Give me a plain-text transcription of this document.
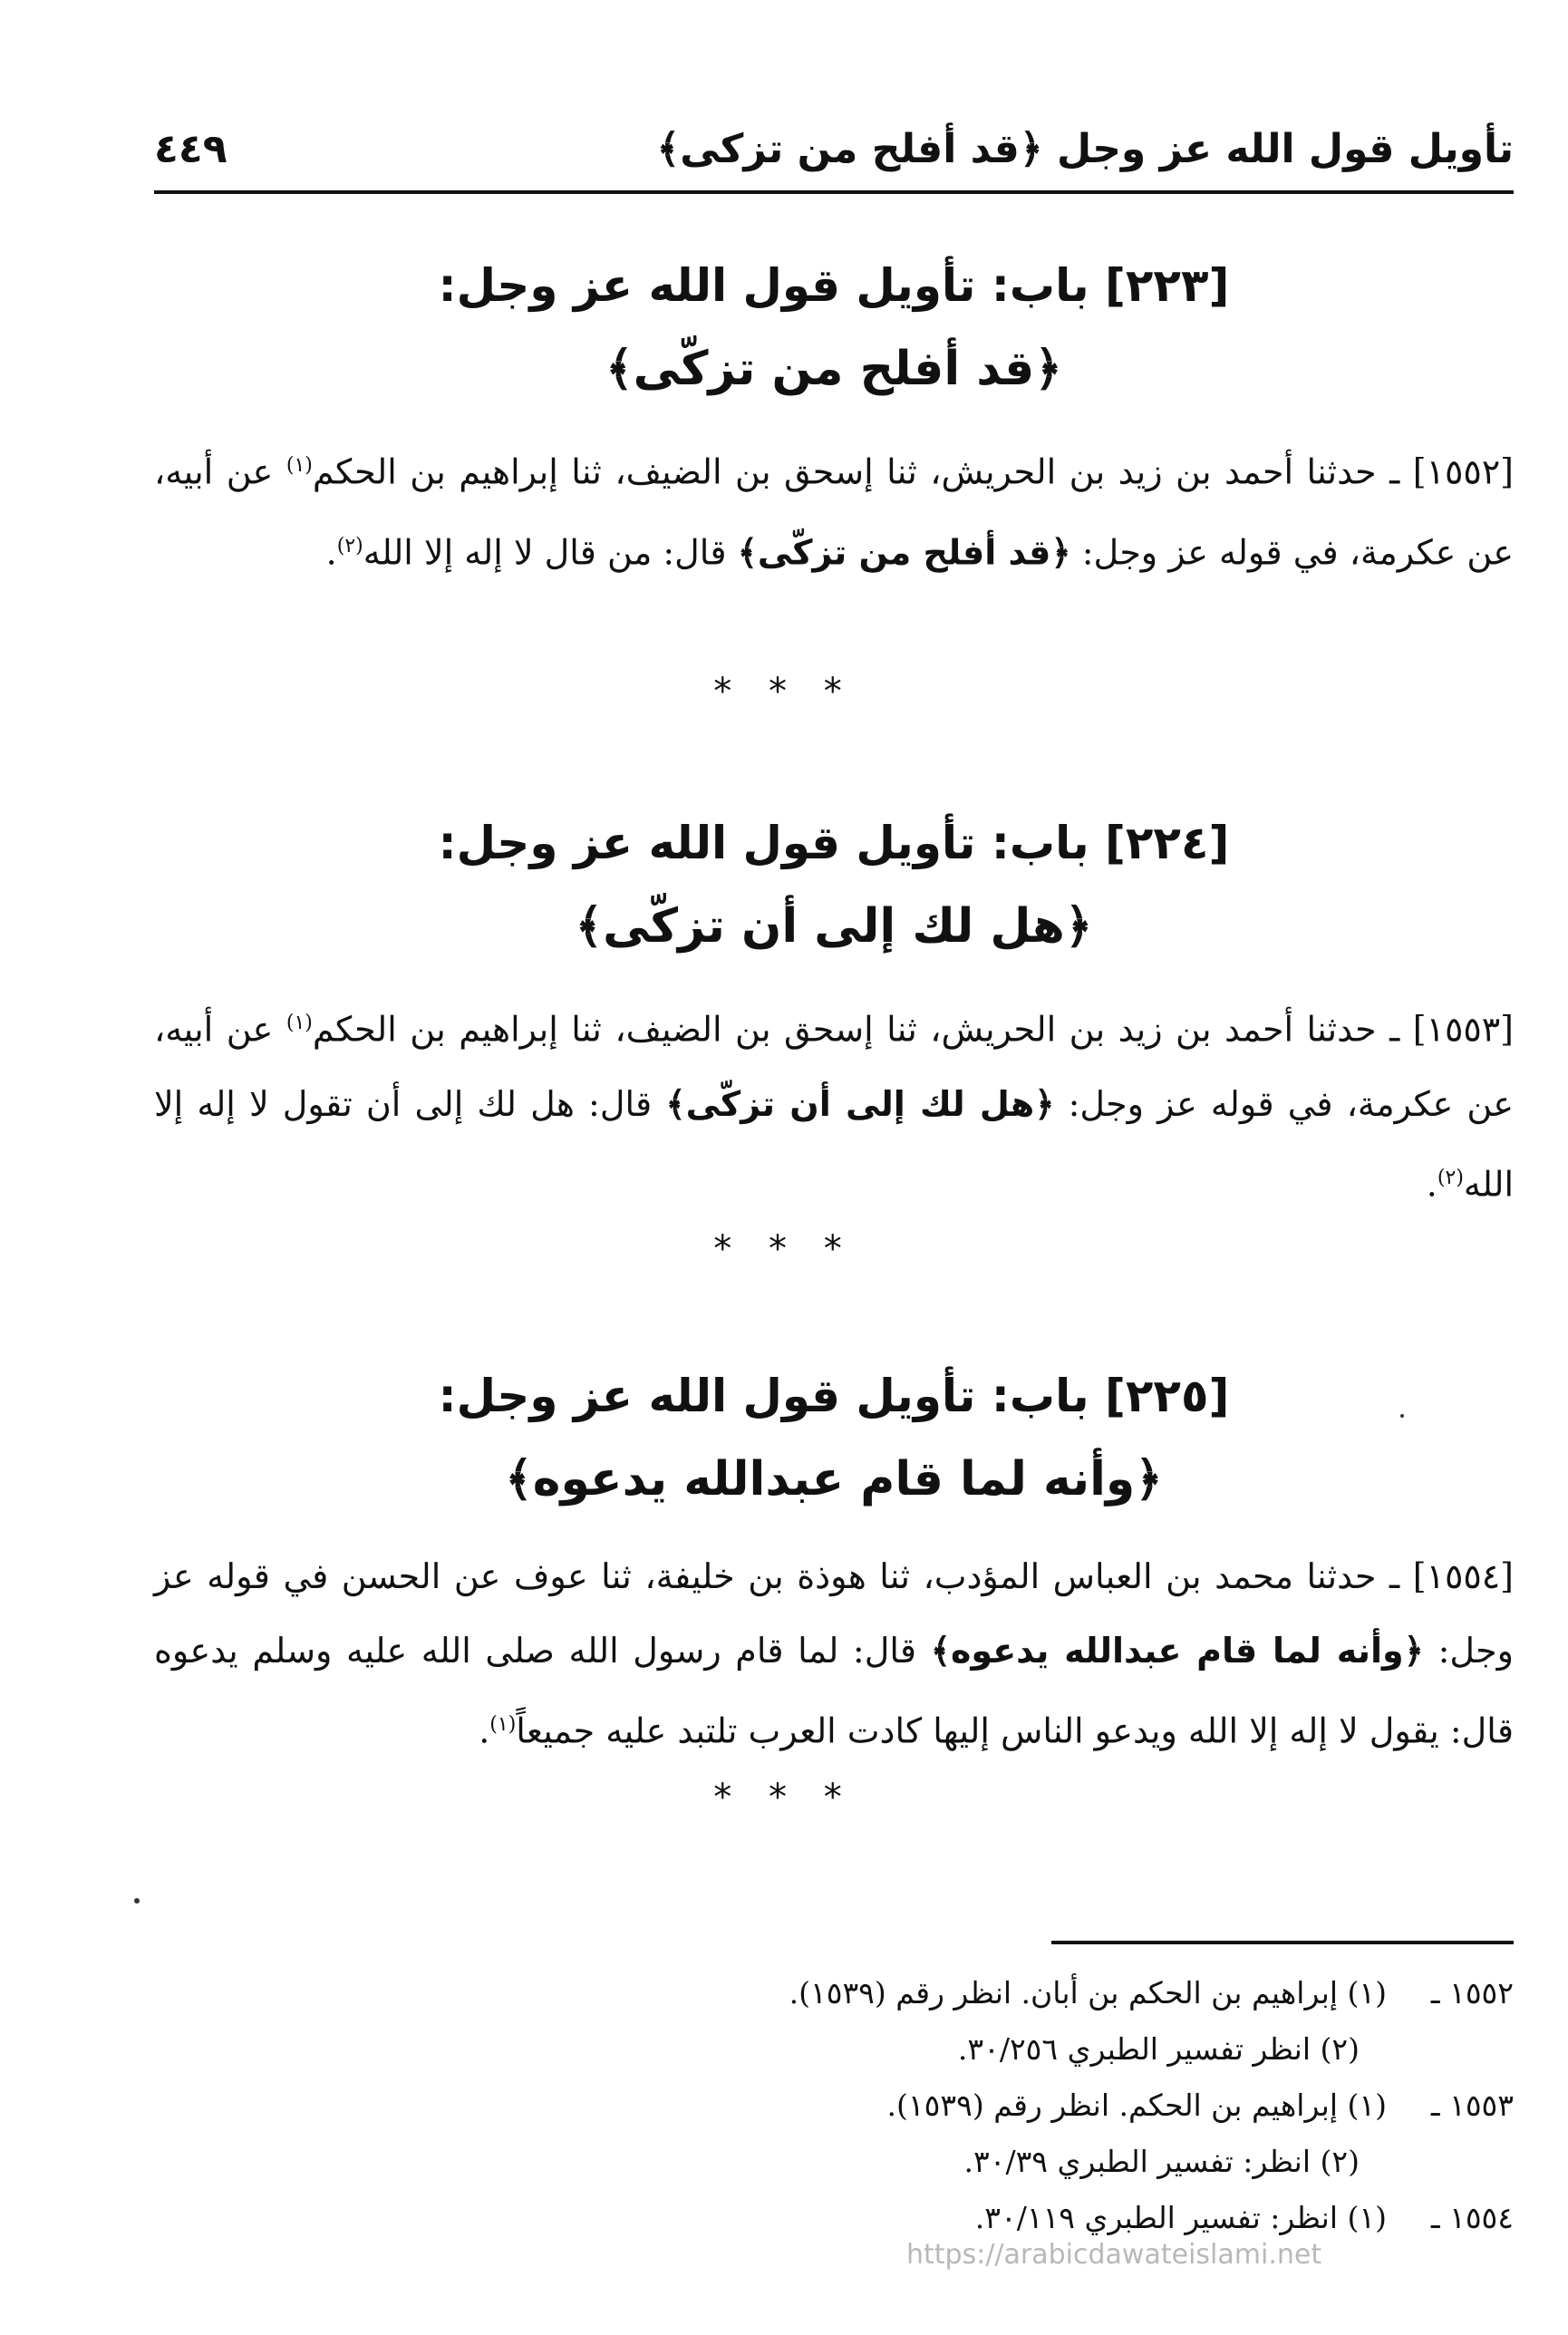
تأويل قول الله عز وجل ﴿قد أفلح من تزكى﴾
٤٤٩
[٢٢٣] باب: تأويل قول الله عز وجل:
﴿قد أفلح من تزكّى﴾
[١٥٥٢] ـ حدثنا أحمد بن زيد بن الحريش، ثنا إسحق بن الضيف، ثنا إبراهيم بن الحكم$^{(١)}$ عن أبيه، عن عكرمة، في قوله عز وجل: ﴿قد أفلح من تزكّى﴾ قال: من قال لا إله إلا الله$^{(٢)}$.
* * *
[٢٢٤] باب: تأويل قول الله عز وجل:
﴿هل لك إلى أن تزكّى﴾
[١٥٥٣] ـ حدثنا أحمد بن زيد بن الحريش، ثنا إسحق بن الضيف، ثنا إبراهيم بن الحكم$^{(١)}$ عن أبيه، عن عكرمة، في قوله عز وجل: ﴿هل لك إلى أن تزكّى﴾ قال: هل لك إلى أن تقول لا إله إلا الله$^{(٢)}$.
* * *
[٢٢٥] باب: تأويل قول الله عز وجل:
﴿وأنه لما قام عبدالله يدعوه﴾
[١٥٥٤] ـ حدثنا محمد بن العباس المؤدب، ثنا هوذة بن خليفة، ثنا عوف عن الحسن في قوله عز وجل: ﴿وأنه لما قام عبدالله يدعوه﴾ قال: لما قام رسول الله صلى الله عليه وسلم يدعوه قال: يقول لا إله إلا الله ويدعو الناس إليها كادت العرب تلتبد عليه جميعاً$^{(١)}$.
* * *
١٥٥٢ ـ
(١) إبراهيم بن الحكم بن أبان. انظر رقم (١٥٣٩).
(٢) انظر تفسير الطبري ٣٠/٢٥٦.
١٥٥٣ ـ
(١) إبراهيم بن الحكم. انظر رقم (١٥٣٩).
(٢) انظر: تفسير الطبري ٣٠/٣٩.
١٥٥٤ ـ
(١) انظر: تفسير الطبري ٣٠/١١٩.
https://arabicdawateislami.net
